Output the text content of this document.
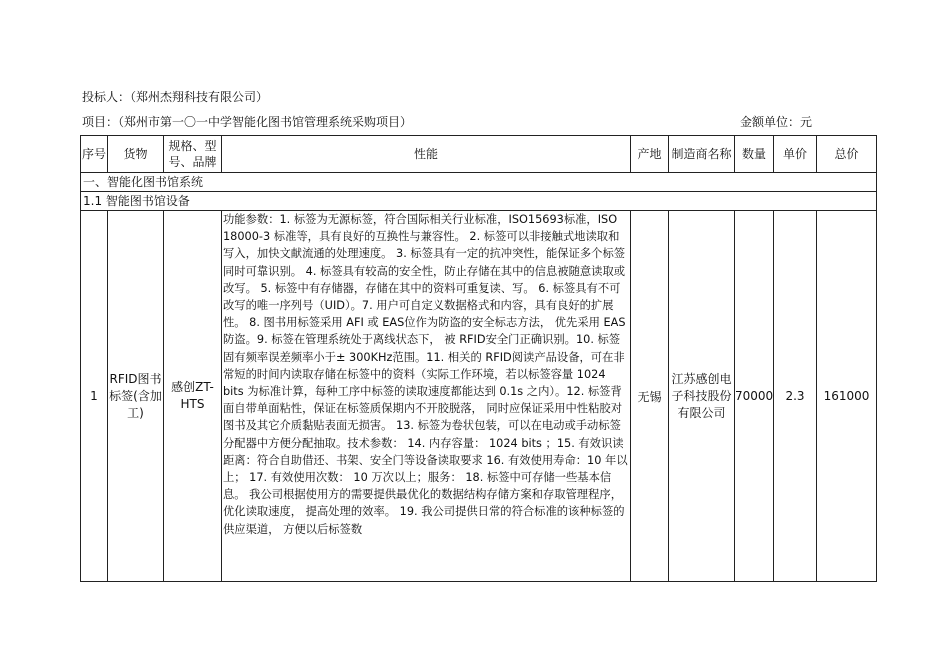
投标人：（郑州杰翔科技有限公司）
项目：（郑州市第一〇一中学智能化图书馆管理系统采购项目）	金额单位：元
序号	货物	规格、型号、品牌	性能	产地	制造商名称	数量	单价	总价
一、智能化图书馆系统								
1.1 智能图书馆设备								
1	RFID图书标签(含加工)	感创ZT-HTS	功能参数：1. 标签为无源标签，符合国际相关行业标准，ISO15693标准，ISO 18000-3 标准等，具有良好的互换性与兼容性。 2. 标签可以非接触式地读取和写入，加快文献流通的处理速度。 3. 标签具有一定的抗冲突性，能保证多个标签同时可靠识别。 4. 标签具有较高的安全性，防止存储在其中的信息被随意读取或改写。 5. 标签中有存储器，存储在其中的资料可重复读、写。 6. 标签具有不可改写的唯一序列号（UID）。7. 用户可自定义数据格式和内容，具有良好的扩展性。 8. 图书用标签采用 AFI 或 EAS位作为防盗的安全标志方法， 优先采用 EAS防盗。9. 标签在管理系统处于离线状态下， 被 RFID安全门正确识别。10. 标签固有频率误差频率小于± 300KHz范围。11. 相关的 RFID阅读产品设备，可在非常短的时间内读取存储在标签中的资料（实际工作环境，若以标签容量 1024 bits 为标准计算，每种工序中标签的读取速度都能达到 0.1s 之内）。12. 标签背面自带单面粘性，保证在标签质保期内不开胶脱落， 同时应保证采用中性粘胶对图书及其它介质黏贴表面无损害。 13. 标签为卷状包装，可以在电动或手动标签分配器中方便分配抽取。技术参数： 14. 内存容量： 1024 bits ；15. 有效识读距离：符合自助借还、书架、安全门等设备读取要求 16. 有效使用寿命：10 年以上； 17. 有效使用次数： 10 万次以上；服务： 18. 标签中可存储一些基本信息。 我公司根据使用方的需要提供最优化的数据结构存储方案和存取管理程序， 优化读取速度， 提高处理的效率。 19. 我公司提供日常的符合标准的该种标签的供应渠道， 方便以后标签数	无锡	江苏感创电子科技股份有限公司	70000	2.3	161000
